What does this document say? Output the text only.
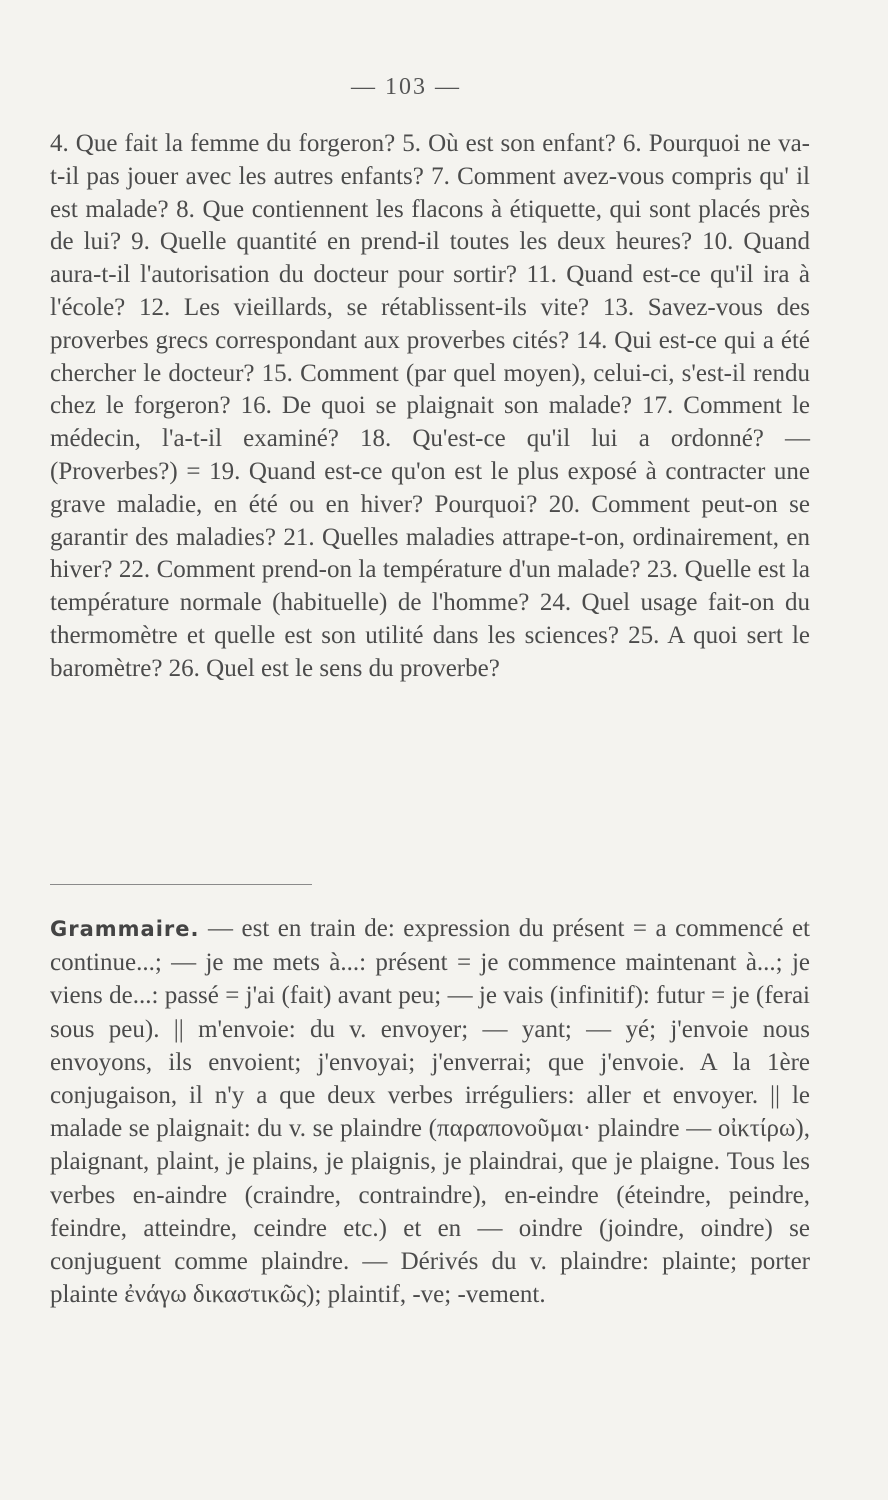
— 103 —

4. Que fait la femme du forgeron? 5. Où est son enfant? 6. Pourquoi ne va-t-il pas jouer avec les autres enfants? 7. Comment avez-vous compris qu' il est malade? 8. Que contiennent les flacons à étiquette, qui sont placés près de lui? 9. Quelle quantité en prend-il toutes les deux heures? 10. Quand aura-t-il l'autorisation du docteur pour sortir? 11. Quand est-ce qu'il ira à l'école? 12. Les vieillards, se rétablissent-ils vite? 13. Savez-vous des proverbes grecs correspondant aux proverbes cités? 14. Qui est-ce qui a été chercher le docteur? 15. Comment (par quel moyen), celui-ci, s'est-il rendu chez le forgeron? 16. De quoi se plaignait son malade? 17. Comment le médecin, l'a-t-il examiné? 18. Qu'est-ce qu'il lui a ordonné? — (Proverbes?) = 19. Quand est-ce qu'on est le plus exposé à contracter une grave maladie, en été ou en hiver? Pourquoi? 20. Comment peut-on se garantir des maladies? 21. Quelles maladies attrape-t-on, ordinairement, en hiver? 22. Comment prend-on la température d'un malade? 23. Quelle est la température normale (habituelle) de l'homme? 24. Quel usage fait-on du thermomètre et quelle est son utilité dans les sciences? 25. A quoi sert le baromètre? 26. Quel est le sens du proverbe?

Grammaire. — est en train de: expression du présent = a commencé et continue...; — je me mets à...: présent = je commence maintenant à...; je viens de...: passé = j'ai (fait) avant peu; — je vais (infinitif): futur = je (ferai sous peu). || m'envoie: du v. envoyer; — yant; — yé; j'envoie nous envoyons, ils envoient; j'envoyai; j'enverrai; que j'envoie. A la 1ère conjugaison, il n'y a que deux verbes irréguliers: aller et envoyer. || le malade se plaignait: du v. se plaindre (παραπονοῦμαι· plaindre — οἰκτίρω), plaignant, plaint, je plains, je plaignis, je plaindrai, que je plaigne. Tous les verbes en-aindre (craindre, contraindre), en-eindre (éteindre, peindre, feindre, atteindre, ceindre etc.) et en — oindre (joindre, oindre) se conjuguent comme plaindre. — Dérivés du v. plaindre: plainte; porter plainte ἐνάγω δικαστικῶς); plaintif, -ve; -vement.
